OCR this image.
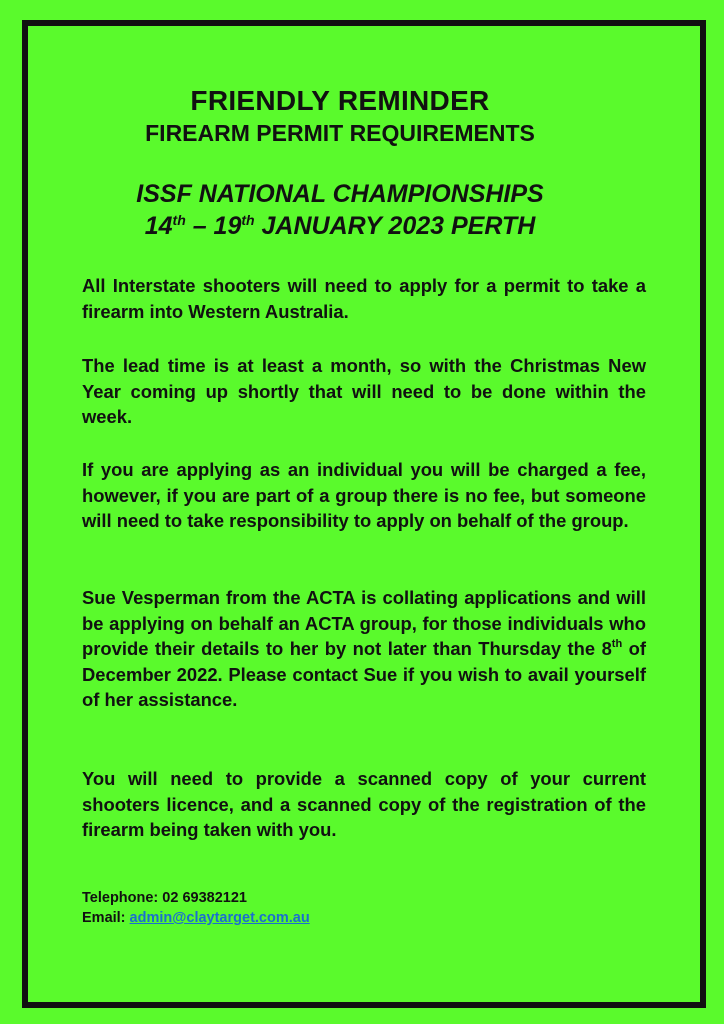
FRIENDLY REMINDER
FIREARM PERMIT REQUIREMENTS
ISSF NATIONAL CHAMPIONSHIPS
14th – 19th JANUARY 2023 PERTH

All Interstate shooters will need to apply for a permit to take a firearm into Western Australia.

The lead time is at least a month, so with the Christmas New Year coming up shortly that will need to be done within the week.

If you are applying as an individual you will be charged a fee, however, if you are part of a group there is no fee, but someone will need to take responsibility to apply on behalf of the group.

Sue Vesperman from the ACTA is collating applications and will be applying on behalf an ACTA group, for those individuals who provide their details to her by not later than Thursday the 8th of December 2022. Please contact Sue if you wish to avail yourself of her assistance.

You will need to provide a scanned copy of your current shooters licence, and a scanned copy of the registration of the firearm being taken with you.

Telephone: 02 69382121

Email: admin@claytarget.com.au
